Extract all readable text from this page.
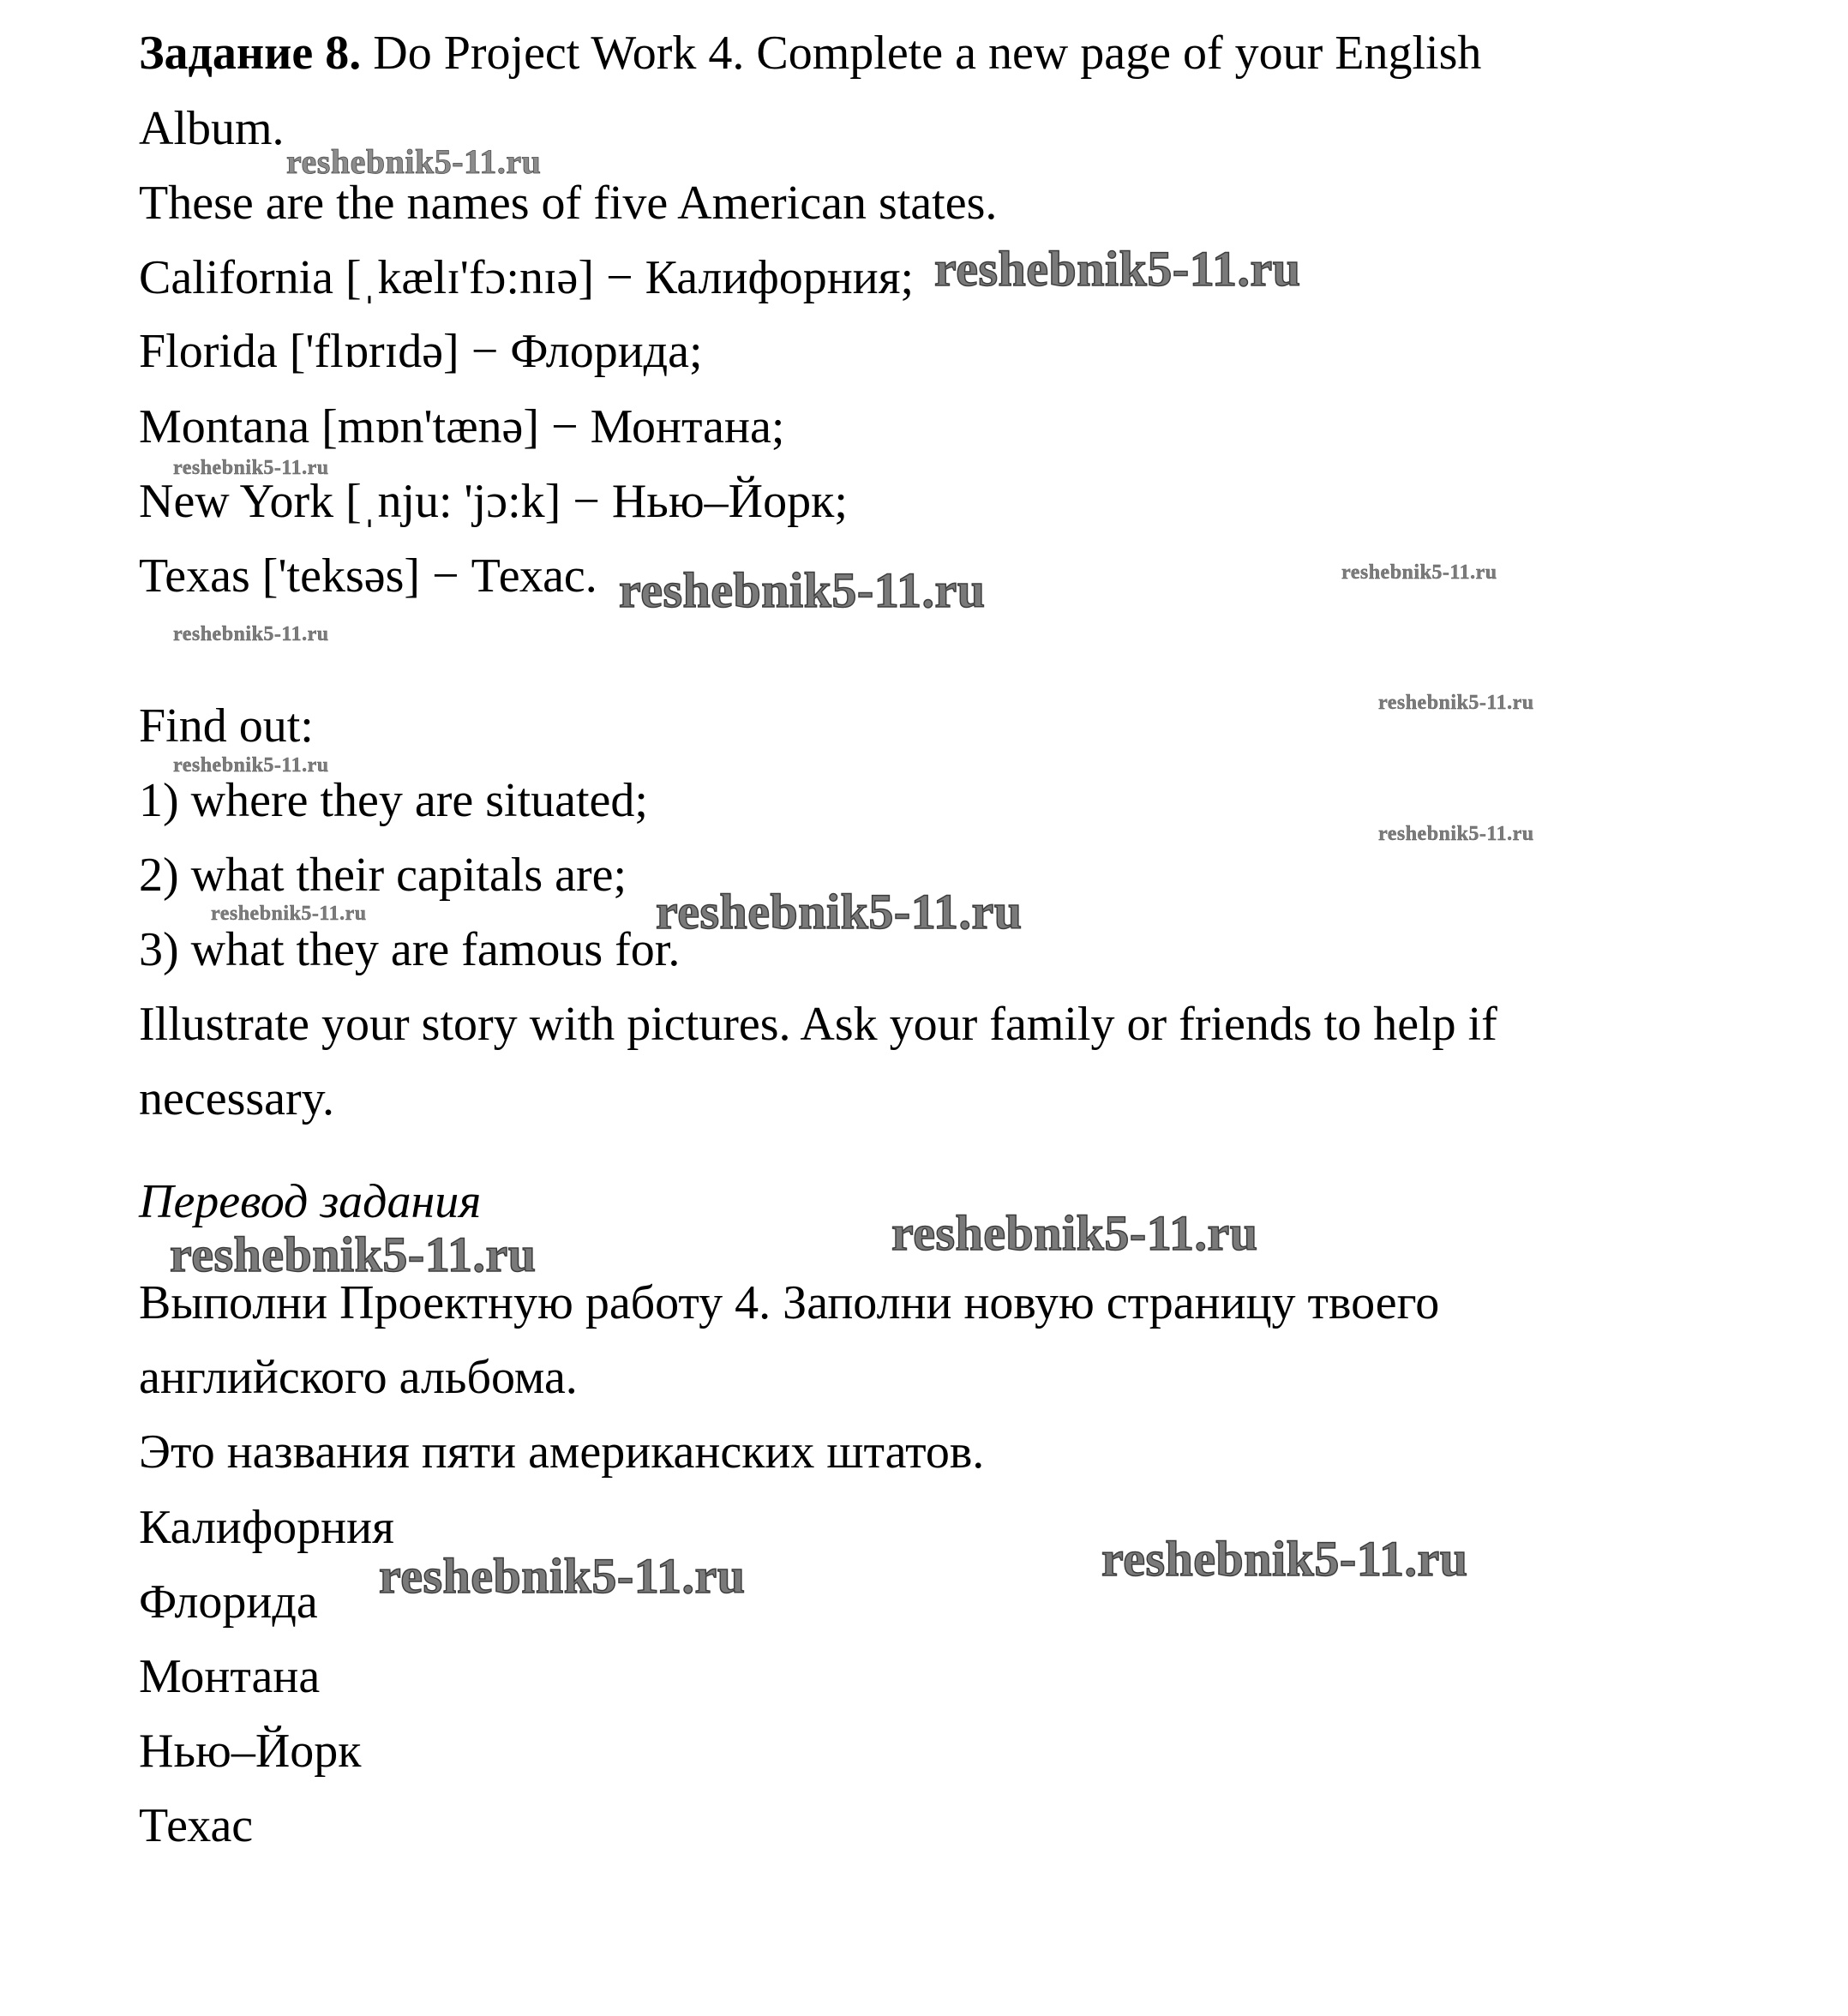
Задание 8. Do Project Work 4. Complete a new page of your English

Album.

These are the names of five American states.

California [ˌkælɪ'fɔ:nɪə] − Калифорния;

Florida ['flɒrɪdə] − Флорида;

Montana [mɒn'tænə] − Монтана;

New York [ˌnju: 'jɔ:k] − Нью–Йорк;

Texas ['teksəs] − Техас.

Find out:

1) where they are situated;

2) what their capitals are;

3) what they are famous for.

Illustrate your story with pictures. Ask your family or friends to help if

necessary.

Перевод задания

Выполни Проектную работу 4. Заполни новую страницу твоего

английского альбома.

Это названия пяти американских штатов.

Калифорния

Флорида

Монтана

Нью–Йорк

Техас

reshebnik5-11.ru
reshebnik5-11.ru
reshebnik5-11.ru
reshebnik5-11.ru	reshebnik5-11.ru
reshebnik5-11.ru
reshebnik5-11.ru
reshebnik5-11.ru
reshebnik5-11.ru
reshebnik5-11.ru
reshebnik5-11.ru
reshebnik5-11.ru
reshebnik5-11.ru
reshebnik5-11.ru
reshebnik5-11.ru
